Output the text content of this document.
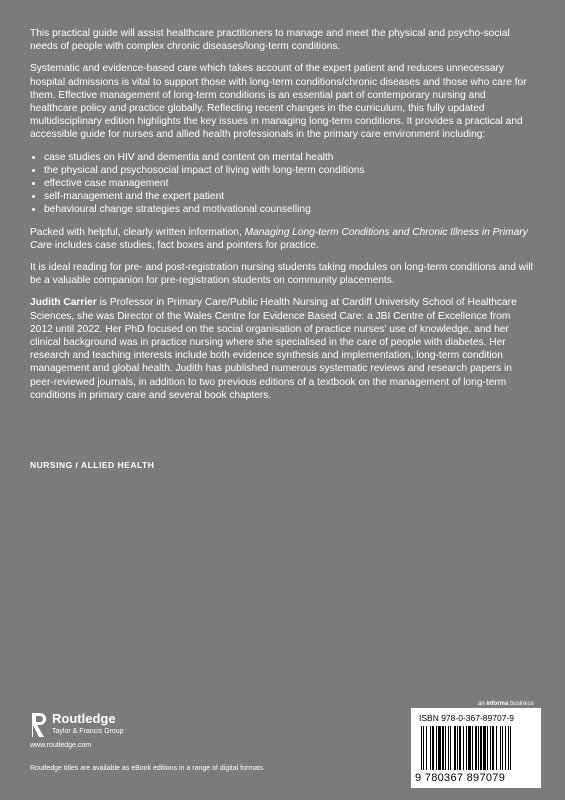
This practical guide will assist healthcare practitioners to manage and meet the physical and psycho-social needs of people with complex chronic diseases/long-term conditions.

Systematic and evidence-based care which takes account of the expert patient and reduces unnecessary hospital admissions is vital to support those with long-term conditions/chronic diseases and those who care for them. Effective management of long-term conditions is an essential part of contemporary nursing and healthcare policy and practice globally. Reflecting recent changes in the curriculum, this fully updated multidisciplinary edition highlights the key issues in managing long-term conditions. It provides a practical and accessible guide for nurses and allied health professionals in the primary care environment including:

• case studies on HIV and dementia and content on mental health
• the physical and psychosocial impact of living with long-term conditions
• effective case management
• self-management and the expert patient
• behavioural change strategies and motivational counselling

Packed with helpful, clearly written information, Managing Long-term Conditions and Chronic Illness in Primary Care includes case studies, fact boxes and pointers for practice.

It is ideal reading for pre- and post-registration nursing students taking modules on long-term conditions and will be a valuable companion for pre-registration students on community placements.

Judith Carrier is Professor in Primary Care/Public Health Nursing at Cardiff University School of Healthcare Sciences, she was Director of the Wales Centre for Evidence Based Care: a JBI Centre of Excellence from 2012 until 2022. Her PhD focused on the social organisation of practice nurses' use of knowledge, and her clinical background was in practice nursing where she specialised in the care of people with diabetes. Her research and teaching interests include both evidence synthesis and implementation, long-term condition management and global health. Judith has published numerous systematic reviews and research papers in peer-reviewed journals, in addition to two previous editions of a textbook on the management of long-term conditions in primary care and several book chapters.

NURSING / ALLIED HEALTH
Routledge
Taylor & Francis Group
www.routledge.com
Routledge titles are available as eBook editions in a range of digital formats
an informa business
ISBN 978-0-367-89707-9
9 780367 897079
